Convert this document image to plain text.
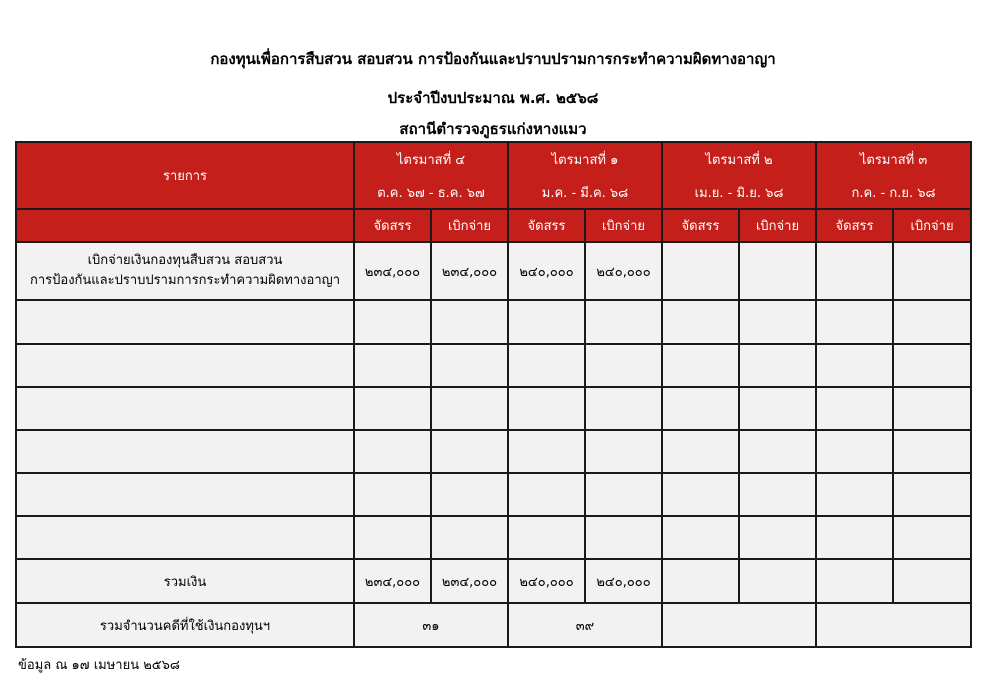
กองทุนเพื่อการสืบสวน สอบสวน การป้องกันและปราบปรามการกระทำความผิดทางอาญา
ประจำปีงบประมาณ พ.ศ. ๒๕๖๘
สถานีตำรวจภูธรแก่งหางแมว
รายการ	ไตรมาสที่ ๔		ไตรมาสที่ ๑		ไตรมาสที่ ๒		ไตรมาสที่ ๓	
	ต.ค. ๖๗ - ธ.ค. ๖๗		ม.ค. - มี.ค. ๖๘		เม.ย. - มิ.ย. ๖๘		ก.ค. - ก.ย. ๖๘	
	จัดสรร	เบิกจ่าย	จัดสรร	เบิกจ่าย	จัดสรร	เบิกจ่าย	จัดสรร	เบิกจ่าย

เบิกจ่ายเงินกองทุนสืบสวน สอบสวน
การป้องกันและปราบปรามการกระทำความผิดทางอาญา	๒๓๔,๐๐๐	๒๓๔,๐๐๐	๒๔๐,๐๐๐	๒๔๐,๐๐๐				

รวมเงิน	๒๓๔,๐๐๐	๒๓๔,๐๐๐	๒๔๐,๐๐๐	๒๔๐,๐๐๐				
รวมจำนวนคดีที่ใช้เงินกองทุนฯ	๓๑		๓๙					
ข้อมูล ณ ๑๗ เมษายน ๒๕๖๘
